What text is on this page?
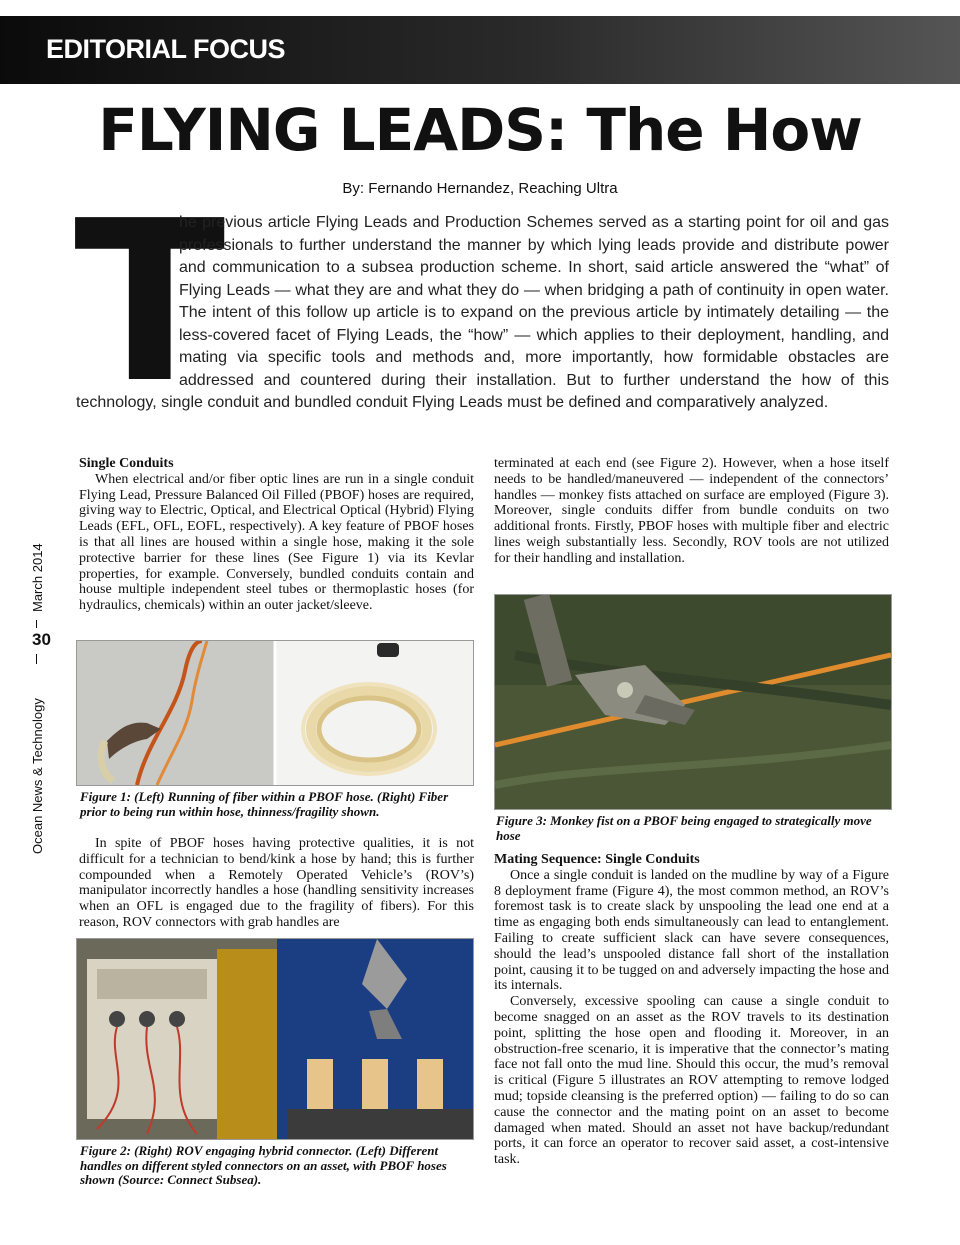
EDITORIAL FOCUS
FLYING LEADS: The How
By: Fernando Hernandez, Reaching Ultra
T

he previous article Flying Leads and Production Schemes served as a starting point for oil and gas professionals to further understand the manner by which lying leads provide and distribute power and communication to a subsea production scheme. In short, said article answered the “what” of Flying Leads — what they are and what they do — when bridging a path of continuity in open water. The intent of this follow up article is to expand on the previous article by intimately detailing — the less-covered facet of Flying Leads, the “how” — which applies to their deployment, handling, and mating via specific tools and methods and, more importantly, how formidable obstacles are addressed and countered during their installation. But to further understand the how of this technology, single conduit and bundled conduit Flying Leads must be defined and comparatively analyzed.

March 2014
30
Ocean News & Technology
Single Conduits

When electrical and/or fiber optic lines are run in a single conduit Flying Lead, Pressure Balanced Oil Filled (PBOF) hoses are required, giving way to Electric, Optical, and Electrical Optical (Hybrid) Flying Leads (EFL, OFL, EOFL, respectively). A key feature of PBOF hoses is that all lines are housed within a single hose, making it the sole protective barrier for these lines (See Figure 1) via its Kevlar properties, for example. Conversely, bundled conduits contain and house multiple independent steel tubes or thermoplastic hoses (for hydraulics, chemicals) within an outer jacket/sleeve.

Figure 1: (Left) Running of fiber within a PBOF hose. (Right) Fiber prior to being run within hose, thinness/fragility shown.

In spite of PBOF hoses having protective qualities, it is not difficult for a technician to bend/kink a hose by hand; this is further compounded when a Remotely Operated Vehicle’s (ROV’s) manipulator incorrectly handles a hose (handling sensitivity increases when an OFL is engaged due to the fragility of fibers). For this reason, ROV connectors with grab handles are

Figure 2: (Right) ROV engaging hybrid connector. (Left) Different handles on different styled connectors on an asset, with PBOF hoses shown (Source: Connect Subsea).

terminated at each end (see Figure 2). However, when a hose itself needs to be handled/maneuvered — independent of the connectors’ handles — monkey fists attached on surface are employed (Figure 3). Moreover, single conduits differ from bundle conduits on two additional fronts. Firstly, PBOF hoses with multiple fiber and electric lines weigh substantially less. Secondly, ROV tools are not utilized for their handling and installation.

Figure 3: Monkey fist on a PBOF being engaged to strategically move hose
Mating Sequence: Single Conduits

Once a single conduit is landed on the mudline by way of a Figure 8 deployment frame (Figure 4), the most common method, an ROV’s foremost task is to create slack by unspooling the lead one end at a time as engaging both ends simultaneously can lead to entanglement. Failing to create sufficient slack can have severe consequences, should the lead’s unspooled distance fall short of the installation point, causing it to be tugged on and adversely impacting the hose and its internals.

Conversely, excessive spooling can cause a single conduit to become snagged on an asset as the ROV travels to its destination point, splitting the hose open and flooding it. Moreover, in an obstruction-free scenario, it is imperative that the connector’s mating face not fall onto the mud line. Should this occur, the mud’s removal is critical (Figure 5 illustrates an ROV attempting to remove lodged mud; topside cleansing is the preferred option) — failing to do so can cause the connector and the mating point on an asset to become damaged when mated. Should an asset not have backup/redundant ports, it can force an operator to recover said asset, a cost-intensive task.
